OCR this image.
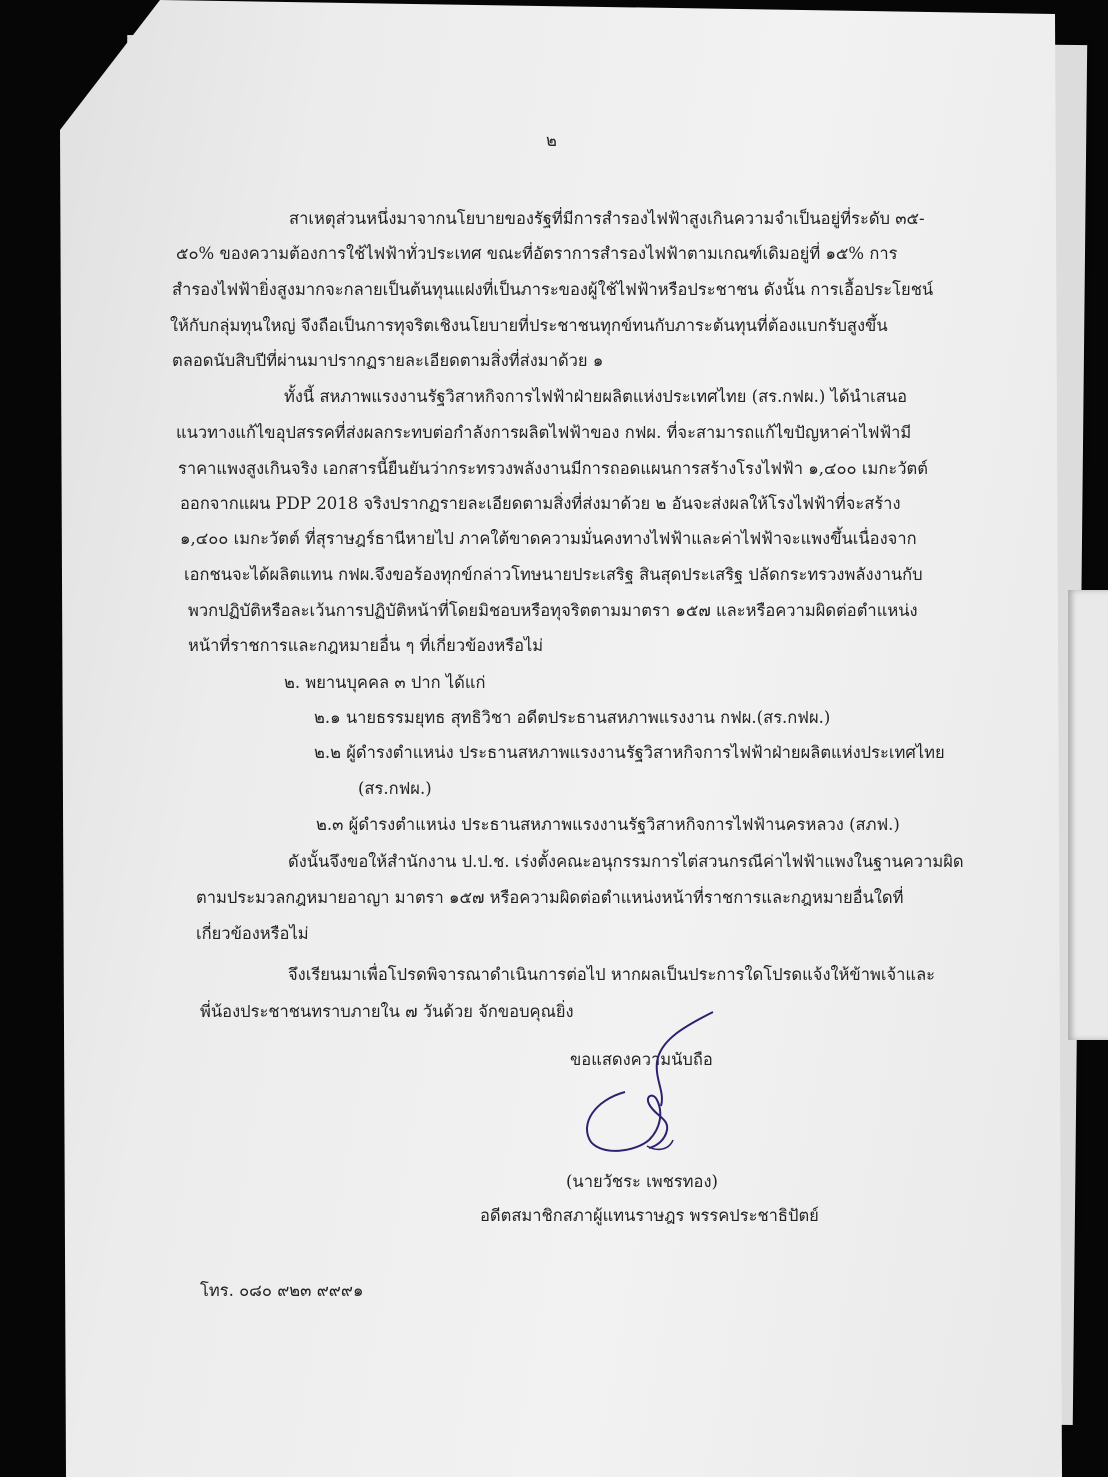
๒
สาเหตุส่วนหนึ่งมาจากนโยบายของรัฐที่มีการสำรองไฟฟ้าสูงเกินความจำเป็นอยู่ที่ระดับ ๓๕-
๕๐% ของความต้องการใช้ไฟฟ้าทั่วประเทศ ขณะที่อัตราการสำรองไฟฟ้าตามเกณฑ์เดิมอยู่ที่ ๑๕% การ
สำรองไฟฟ้ายิ่งสูงมากจะกลายเป็นต้นทุนแฝงที่เป็นภาระของผู้ใช้ไฟฟ้าหรือประชาชน ดังนั้น การเอื้อประโยชน์
ให้กับกลุ่มทุนใหญ่ จึงถือเป็นการทุจริตเชิงนโยบายที่ประชาชนทุกข์ทนกับภาระต้นทุนที่ต้องแบกรับสูงขึ้น
ตลอดนับสิบปีที่ผ่านมาปรากฏรายละเอียดตามสิ่งที่ส่งมาด้วย ๑
ทั้งนี้ สหภาพแรงงานรัฐวิสาหกิจการไฟฟ้าฝ่ายผลิตแห่งประเทศไทย (สร.กฟผ.) ได้นำเสนอ
แนวทางแก้ไขอุปสรรคที่ส่งผลกระทบต่อกำลังการผลิตไฟฟ้าของ กฟผ. ที่จะสามารถแก้ไขปัญหาค่าไฟฟ้ามี
ราคาแพงสูงเกินจริง เอกสารนี้ยืนยันว่ากระทรวงพลังงานมีการถอดแผนการสร้างโรงไฟฟ้า ๑,๔๐๐ เมกะวัตต์
ออกจากแผน PDP 2018 จริงปรากฏรายละเอียดตามสิ่งที่ส่งมาด้วย ๒ อันจะส่งผลให้โรงไฟฟ้าที่จะสร้าง
๑,๔๐๐ เมกะวัตต์ ที่สุราษฎร์ธานีหายไป ภาคใต้ขาดความมั่นคงทางไฟฟ้าและค่าไฟฟ้าจะแพงขึ้นเนื่องจาก
เอกชนจะได้ผลิตแทน กฟผ.จึงขอร้องทุกข์กล่าวโทษนายประเสริฐ สินสุดประเสริฐ ปลัดกระทรวงพลังงานกับ
พวกปฏิบัติหรือละเว้นการปฏิบัติหน้าที่โดยมิชอบหรือทุจริตตามมาตรา ๑๕๗ และหรือความผิดต่อตำแหน่ง
หน้าที่ราชการและกฎหมายอื่น ๆ ที่เกี่ยวข้องหรือไม่
๒. พยานบุคคล ๓ ปาก ได้แก่
๒.๑ นายธรรมยุทธ สุทธิวิชา อดีตประธานสหภาพแรงงาน กฟผ.(สร.กฟผ.)
๒.๒ ผู้ดำรงตำแหน่ง ประธานสหภาพแรงงานรัฐวิสาหกิจการไฟฟ้าฝ่ายผลิตแห่งประเทศไทย
(สร.กฟผ.)
๒.๓ ผู้ดำรงตำแหน่ง ประธานสหภาพแรงงานรัฐวิสาหกิจการไฟฟ้านครหลวง (สภฟ.)
ดังนั้นจึงขอให้สำนักงาน ป.ป.ช. เร่งตั้งคณะอนุกรรมการไต่สวนกรณีค่าไฟฟ้าแพงในฐานความผิด
ตามประมวลกฎหมายอาญา มาตรา ๑๕๗ หรือความผิดต่อตำแหน่งหน้าที่ราชการและกฎหมายอื่นใดที่
เกี่ยวข้องหรือไม่
จึงเรียนมาเพื่อโปรดพิจารณาดำเนินการต่อไป หากผลเป็นประการใดโปรดแจ้งให้ข้าพเจ้าและ
พี่น้องประชาชนทราบภายใน ๗ วันด้วย จักขอบคุณยิ่ง
ขอแสดงความนับถือ
(นายวัชระ เพชรทอง)
อดีตสมาชิกสภาผู้แทนราษฎร พรรคประชาธิปัตย์
โทร. ๐๘๐ ๙๒๓ ๙๙๙๑
